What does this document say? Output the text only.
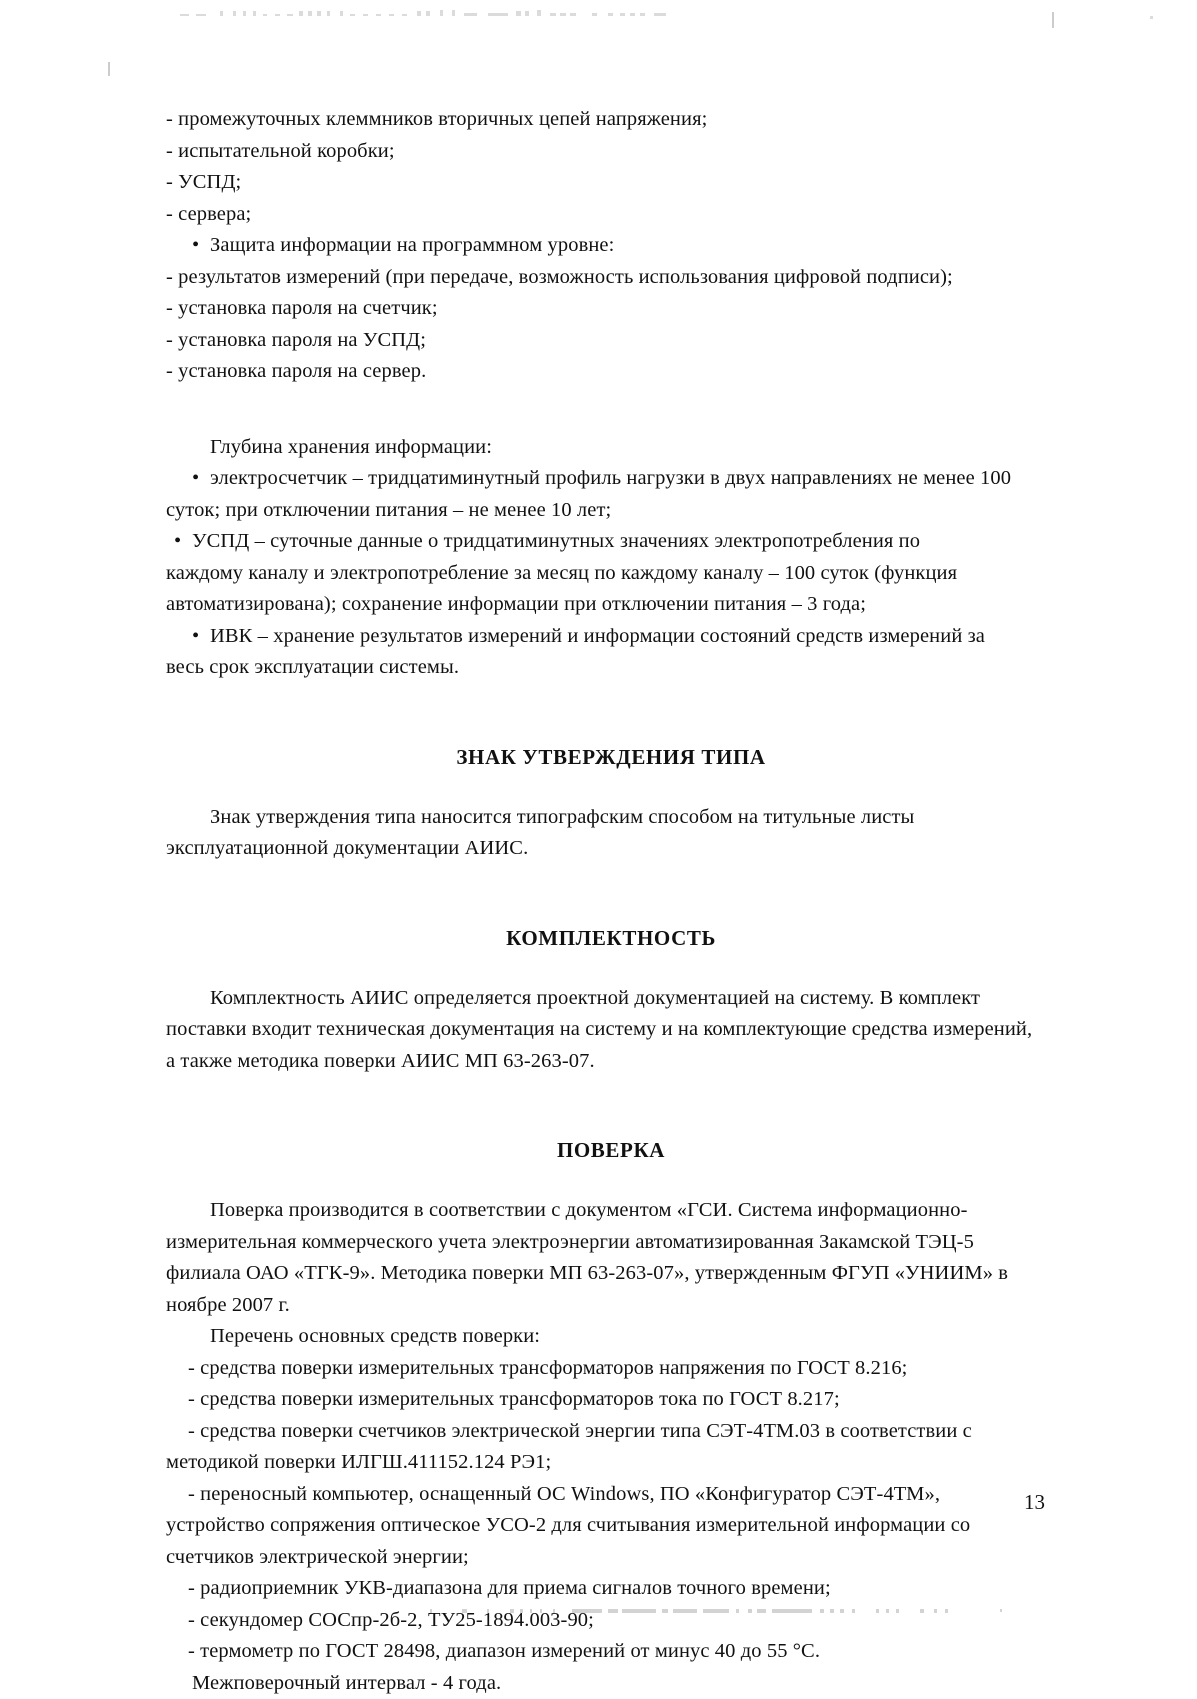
- промежуточных клеммников вторичных цепей напряжения;

- испытательной коробки;

- УСПД;

- сервера;

• Защита информации на программном уровне:

- результатов измерений (при передаче, возможность использования цифровой подписи);

- установка пароля на счетчик;

- установка пароля на УСПД;

- установка пароля на сервер.

Глубина хранения информации:

• электросчетчик – тридцатиминутный профиль нагрузки в двух направлениях не менее 100

суток; при отключении питания – не менее 10 лет;

• УСПД – суточные данные о тридцатиминутных значениях электропотребления по

каждому каналу и электропотребление за месяц по каждому каналу – 100 суток (функция

автоматизирована); сохранение информации при отключении питания – 3 года;

• ИВК – хранение результатов измерений и информации состояний средств измерений за

весь срок эксплуатации системы.

ЗНАК УТВЕРЖДЕНИЯ ТИПА

Знак утверждения типа наносится типографским способом на титульные листы

эксплуатационной документации АИИС.

КОМПЛЕКТНОСТЬ

Комплектность АИИС определяется проектной документацией на систему. В комплект

поставки входит техническая документация на систему и на комплектующие средства измерений,

а также методика поверки АИИС МП 63-263-07.

ПОВЕРКА

Поверка производится в соответствии с документом «ГСИ. Система информационно-

измерительная коммерческого учета электроэнергии автоматизированная Закамской ТЭЦ-5

филиала ОАО «ТГК-9». Методика поверки МП 63-263-07», утвержденным ФГУП «УНИИМ» в

ноябре 2007 г.

Перечень основных средств поверки:

- средства поверки измерительных трансформаторов напряжения по ГОСТ 8.216;

- средства поверки измерительных трансформаторов тока по ГОСТ 8.217;

- средства поверки счетчиков электрической энергии типа СЭТ-4ТМ.03 в соответствии с

методикой поверки ИЛГШ.411152.124 РЭ1;

- переносный компьютер, оснащенный ОС Windows, ПО «Конфигуратор СЭТ-4ТМ»,

устройство сопряжения оптическое УСО-2 для считывания измерительной информации со

счетчиков электрической энергии;

- радиоприемник УКВ-диапазона для приема сигналов точного времени;

- секундомер СОСпр-2б-2, ТУ25-1894.003-90;

- термометр по ГОСТ 28498, диапазон измерений от минус 40 до 55 °С.

Межповерочный интервал - 4 года.

13
